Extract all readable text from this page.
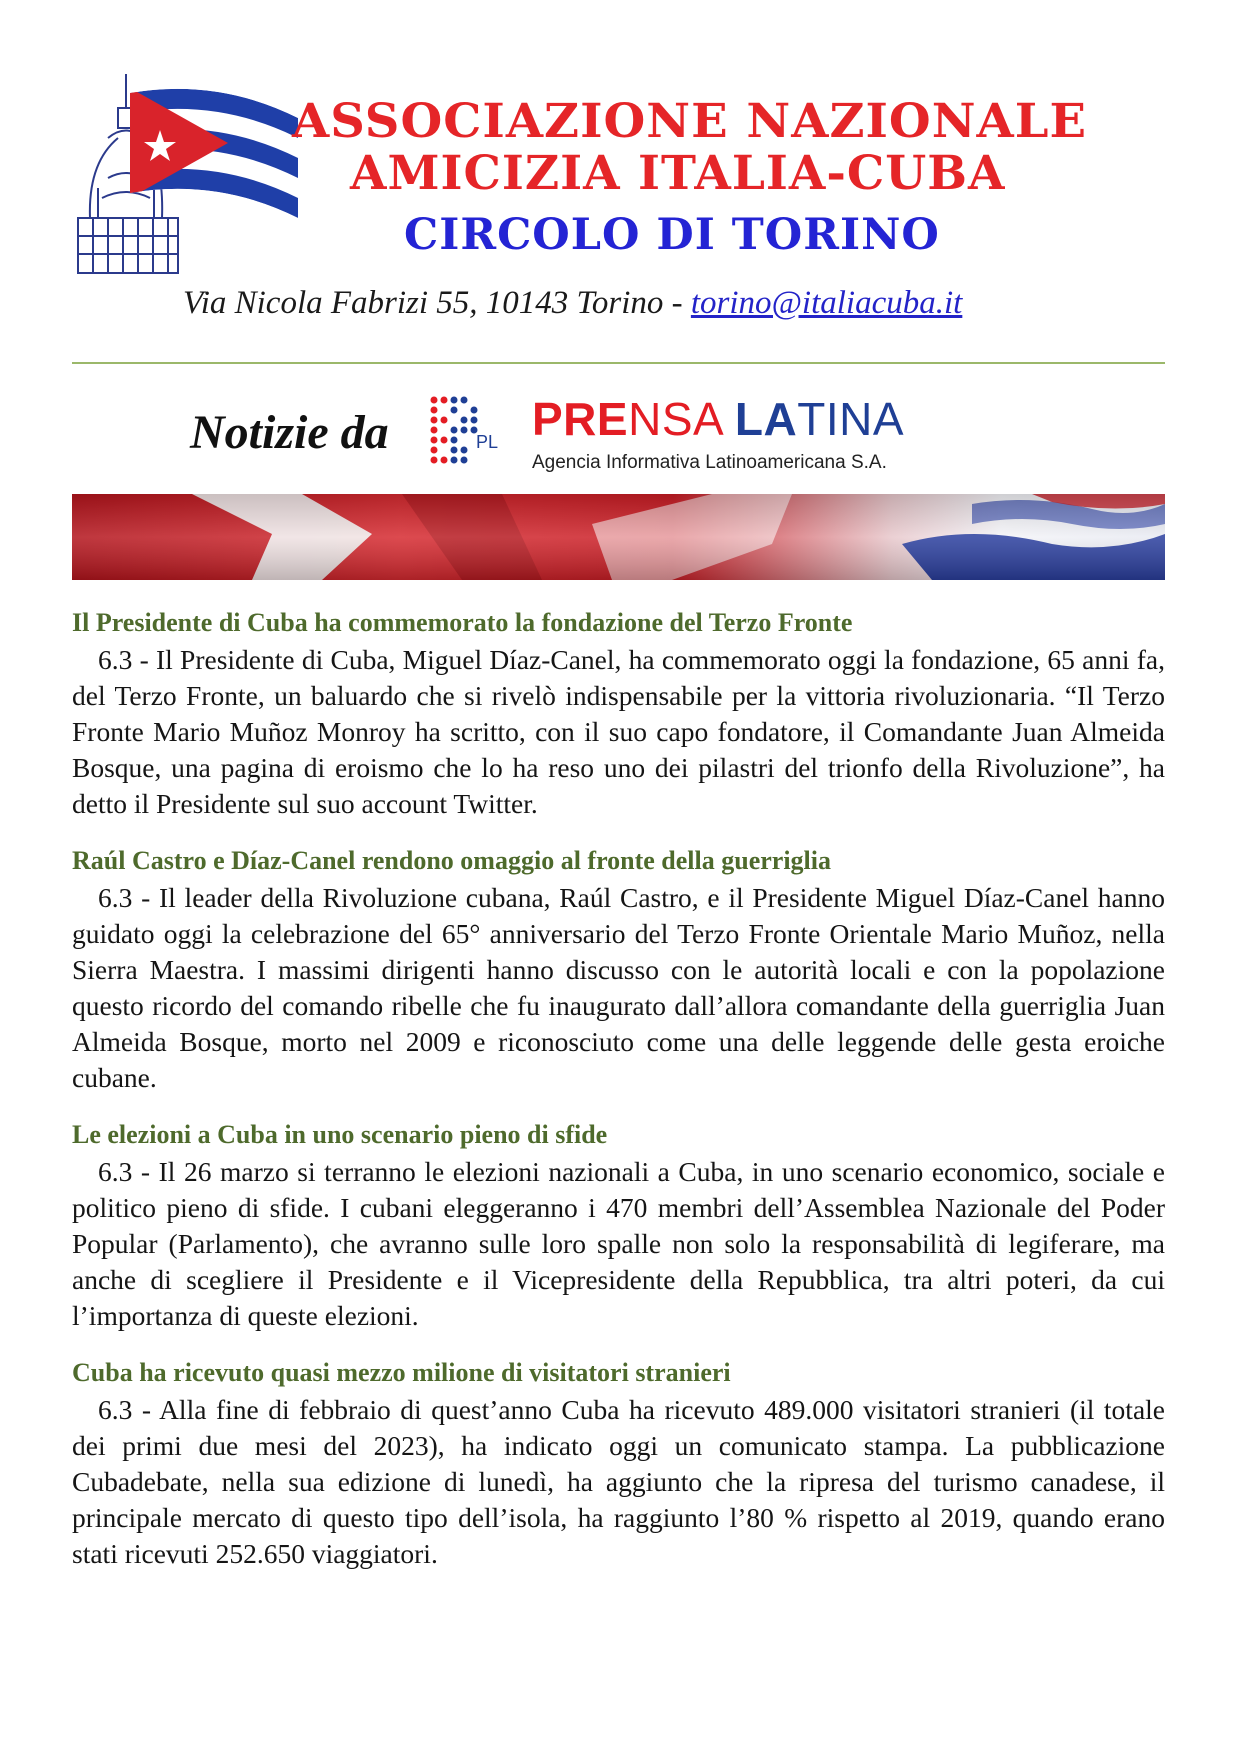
ASSOCIAZIONE NAZIONALE
AMICIZIA ITALIA-CUBA
CIRCOLO DI TORINO
Via Nicola Fabrizi 55, 10143 Torino - torino@italiacuba.it
Notizie da	PL PRENSA LATINA
Agencia Informativa Latinoamericana S.A.
Il Presidente di Cuba ha commemorato la fondazione del Terzo Fronte

6.3 - Il Presidente di Cuba, Miguel Díaz-Canel, ha commemorato oggi la fondazione, 65 anni fa, del Terzo Fronte, un baluardo che si rivelò indispensabile per la vittoria rivoluzionaria. “Il Terzo Fronte Mario Muñoz Monroy ha scritto, con il suo capo fondatore, il Comandante Juan Almeida Bosque, una pagina di eroismo che lo ha reso uno dei pilastri del trionfo della Rivoluzione”, ha detto il Presidente sul suo account Twitter.

Raúl Castro e Díaz-Canel rendono omaggio al fronte della guerriglia

6.3 - Il leader della Rivoluzione cubana, Raúl Castro, e il Presidente Miguel Díaz-Canel hanno guidato oggi la celebrazione del 65° anniversario del Terzo Fronte Orientale Mario Muñoz, nella Sierra Maestra. I massimi dirigenti hanno discusso con le autorità locali e con la popolazione questo ricordo del comando ribelle che fu inaugurato dall’allora comandante della guerriglia Juan Almeida Bosque, morto nel 2009 e riconosciuto come una delle leggende delle gesta eroiche cubane.

Le elezioni a Cuba in uno scenario pieno di sfide

6.3 - Il 26 marzo si terranno le elezioni nazionali a Cuba, in uno scenario economico, sociale e politico pieno di sfide. I cubani eleggeranno i 470 membri dell’Assemblea Nazionale del Poder Popular (Parlamento), che avranno sulle loro spalle non solo la responsabilità di legiferare, ma anche di scegliere il Presidente e il Vicepresidente della Repubblica, tra altri poteri, da cui l’importanza di queste elezioni.

Cuba ha ricevuto quasi mezzo milione di visitatori stranieri

6.3 - Alla fine di febbraio di quest’anno Cuba ha ricevuto 489.000 visitatori stranieri (il totale dei primi due mesi del 2023), ha indicato oggi un comunicato stampa. La pubblicazione Cubadebate, nella sua edizione di lunedì, ha aggiunto che la ripresa del turismo canadese, il principale mercato di questo tipo dell’isola, ha raggiunto l’80 % rispetto al 2019, quando erano stati ricevuti 252.650 viaggiatori.
